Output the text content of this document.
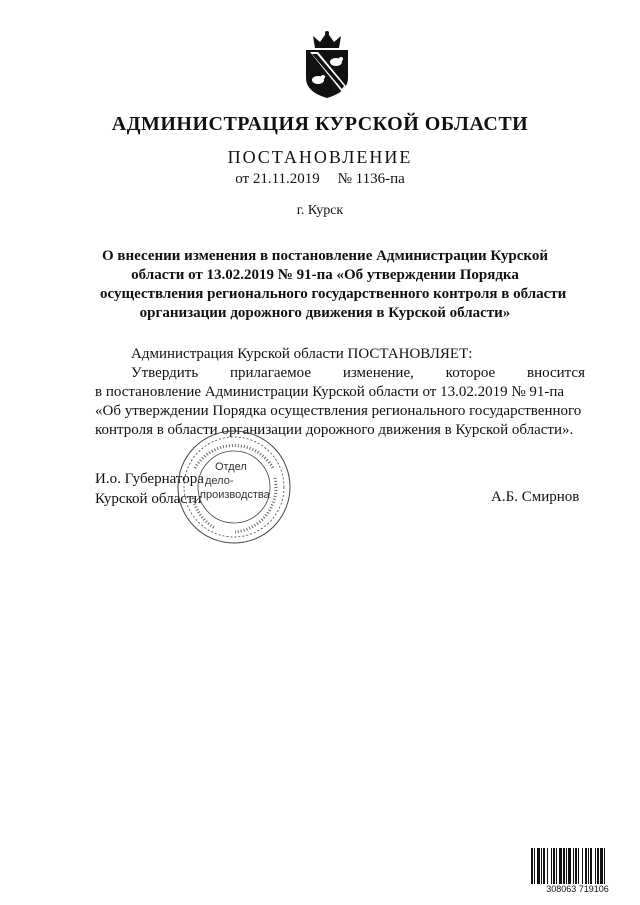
АДМИНИСТРАЦИЯ КУРСКОЙ ОБЛАСТИ
ПОСТАНОВЛЕНИЕ
от 21.11.2019 № 1136-па
г. Курск
О внесении изменения в постановление Администрации Курской
области от 13.02.2019 № 91-па «Об утверждении Порядка
осуществления регионального государственного контроля в области
организации дорожного движения в Курской области»
Администрация Курской области ПОСТАНОВЛЯЕТ:
Утвердить прилагаемое изменение, которое вносится
в постановление Администрации Курской области от 13.02.2019 № 91-па
«Об утверждении Порядка осуществления регионального государственного
контроля в области организации дорожного движения в Курской области».
И.о. Губернатора
Курской области	А.Б. Смирнов
Отдел
дело-
производства
308063 719106
